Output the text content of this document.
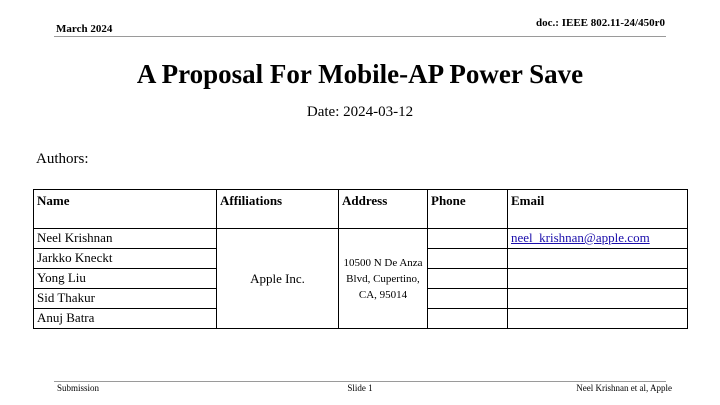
March 2024	doc.: IEEE 802.11-24/450r0
A Proposal For Mobile-AP Power Save
Date: 2024-03-12
Authors:
Name	Affiliations	Address	Phone	Email
Neel Krishnan	Apple Inc.	10500 N De Anza Blvd, Cupertino, CA, 95014		neel_krishnan@apple.com
Jarkko Kneckt				
Yong Liu				
Sid Thakur				
Anuj Batra				
Submission	Slide 1	Neel Krishnan et al, Apple
